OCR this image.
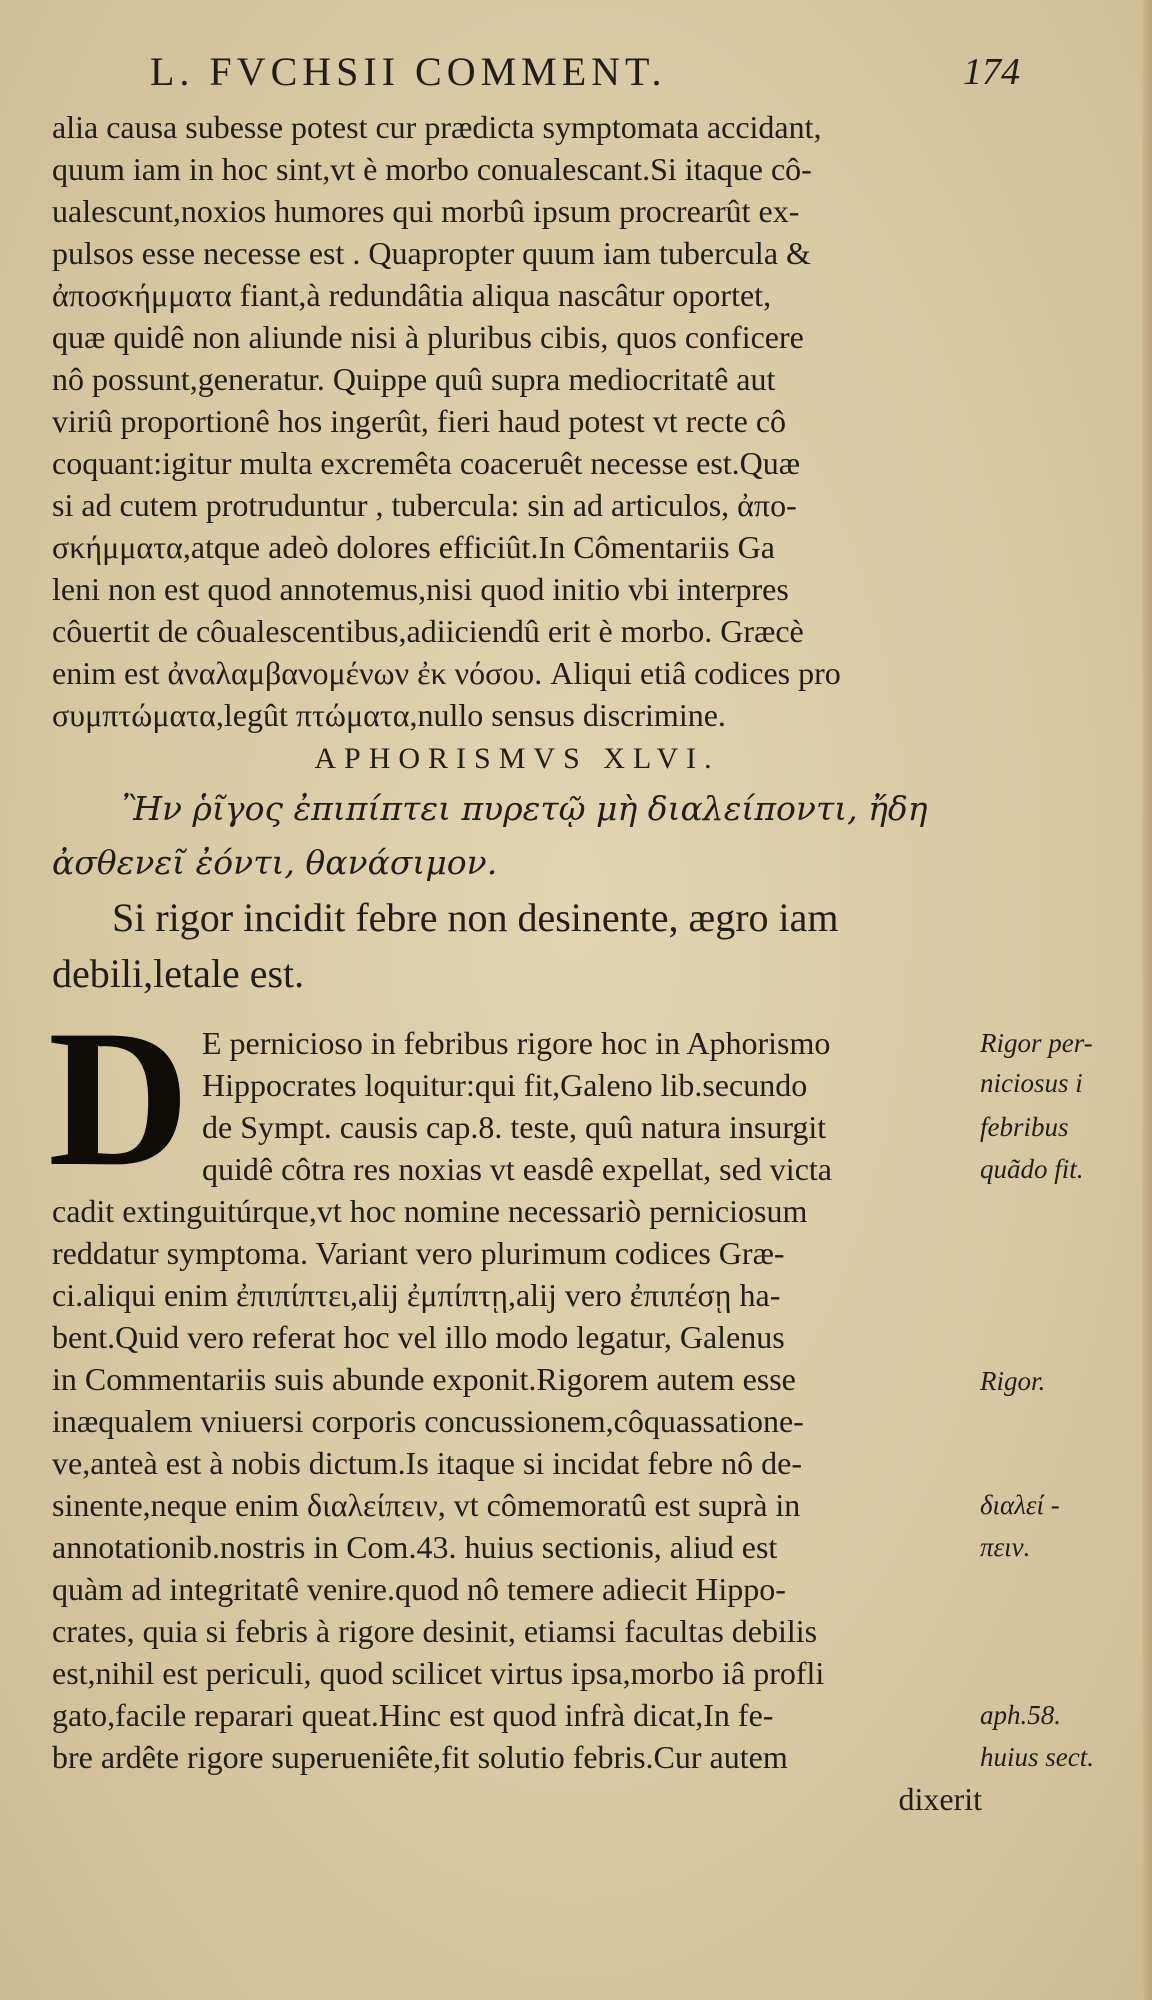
L. FVCHSII COMMENT.	174
alia causa subesse potest cur prædicta symptomata accidant,
quum iam in hoc sint,vt è morbo conualescant.Si itaque cô-
ualescunt,noxios humores qui morbû ipsum procrearût ex-
pulsos esse necesse est . Quapropter quum iam tubercula &
ἀποσκήμματα fiant,à redundâtia aliqua nascâtur oportet,
quæ quidê non aliunde nisi à pluribus cibis, quos conficere
nô possunt,generatur. Quippe quû supra mediocritatê aut
viriû proportionê hos ingerût, fieri haud potest vt recte cô
coquant:igitur multa excremêta coaceruêt necesse est.Quæ
si ad cutem protruduntur , tubercula: sin ad articulos, ἀπο-
σκήμματα,atque adeò dolores efficiût.In Cômentariis Ga
leni non est quod annotemus,nisi quod initio vbi interpres
côuertit de côualescentibus,adiiciendû erit è morbo. Græcè
enim est ἀναλαμβανομένων ἐκ νόσου. Aliqui etiâ codices pro
συμπτώματα,legût πτώματα,nullo sensus discrimine.
APHORISMVS XLVI.
Ἢν ῥῖγος ἐπιπίπτει πυρετῷ μὴ διαλείποντι, ἤδη
ἀσθενεῖ ἐόντι, θανάσιμον.
Si rigor incidit febre non desinente, ægro iam
debili,letale est.
D E perniciosо in febribus rigore hoc in Aphorismo
Hippocrates loquitur:qui fit,Galeno lib.secundo
de Sympt. causis cap.8. teste, quû natura insurgit
quidê côtra res noxias vt easdê expellat, sed victa
cadit extinguitúrque,vt hoc nomine necessariò perniciosum
reddatur symptoma. Variant vero plurimum codices Græ-
ci.aliqui enim ἐπιπίπτει,alij ἐμπίπτῃ,alij vero ἐπιπέσῃ ha-
bent.Quid vero referat hoc vel illo modo legatur, Galenus
in Commentariis suis abunde exponit.Rigorem autem esse
inæqualem vniuersi corporis concussionem,côquassatione-
ve,anteà est à nobis dictum.Is itaque si incidat febre nô de-
sinente,neque enim διαλείπειν, vt cômemoratû est suprà in
annotationib.nostris in Com.43. huius sectionis, aliud est
quàm ad integritatê venire.quod nô temere adiecit Hippo-
crates, quia si febris à rigore desinit, etiamsi facultas debilis
est,nihil est periculi, quod scilicet virtus ipsa,morbo iâ profli
gato,facile reparari queat.Hinc est quod infrà dicat,In fe-
bre ardête rigore superueniête,fit solutio febris.Cur autem
dixerit
Rigor per-
niciosus i
febribus
quãdo fit.
Rigor.
διαλεί -
πειν.
aph.58.
huius sect.
